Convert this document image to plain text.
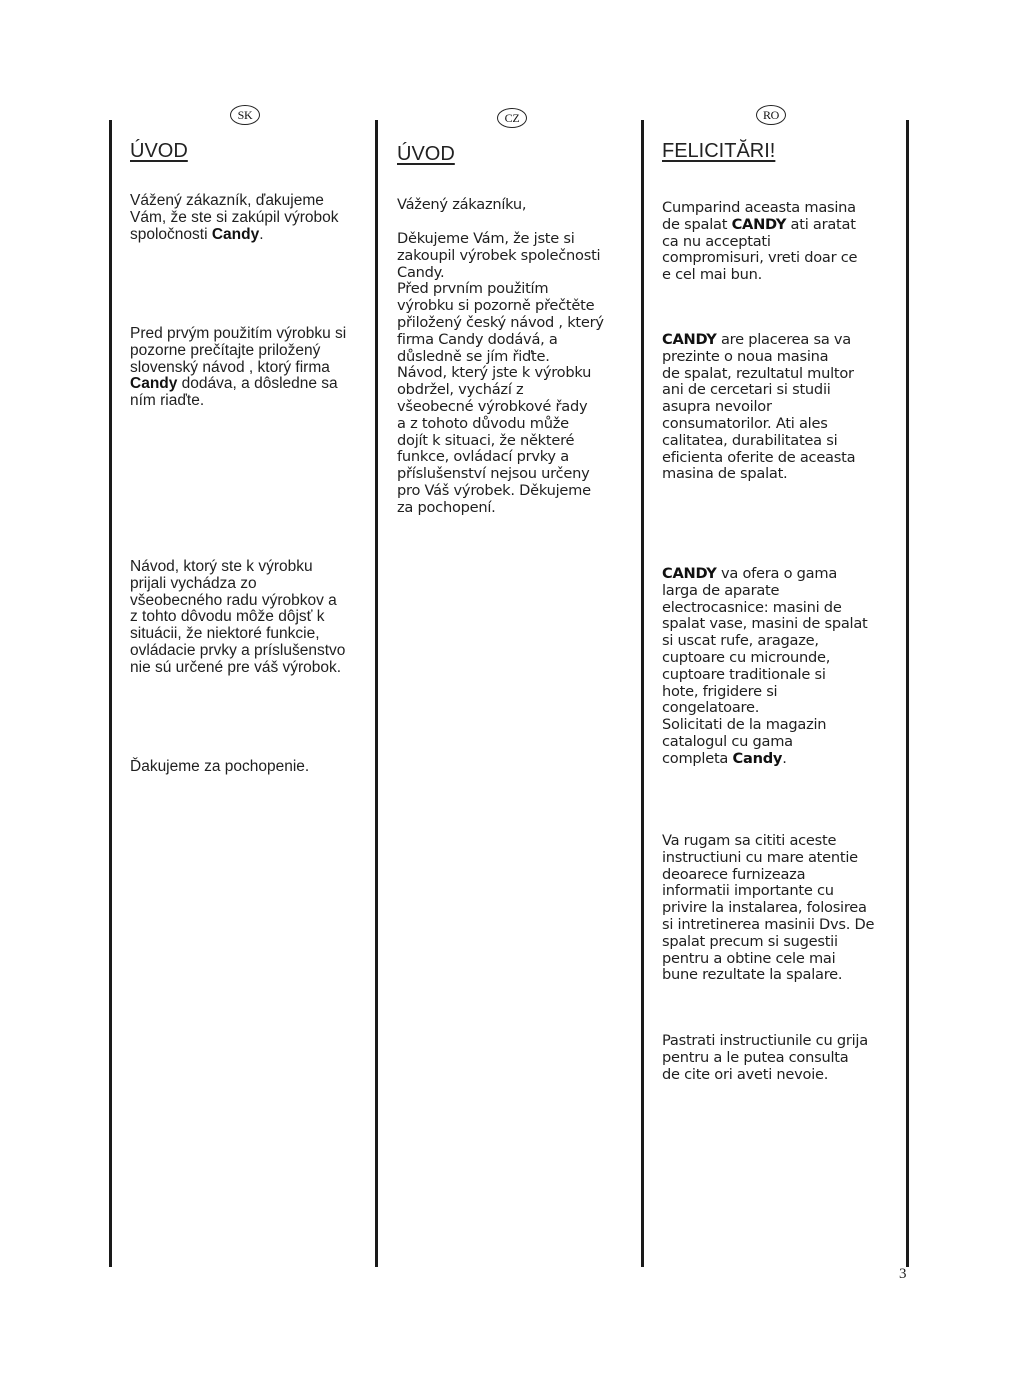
SK
ÚVOD

Vážený zákazník, ďakujeme
Vám, že ste si zakúpil výrobok
spoločnosti Candy.

Pred prvým použitím výrobku si
pozorne prečítajte priložený
slovenský návod , ktorý firma
Candy dodáva, a dôsledne sa
ním riaďte.

Návod, ktorý ste k výrobku
prijali vychádza zo
všeobecného radu výrobkov a
z tohto dôvodu môže dôjsť k
situácii, že niektoré funkcie,
ovládacie prvky a príslušenstvo
nie sú určené pre váš výrobok.

Ďakujeme za pochopenie.

CZ
ÚVOD

Vážený zákazníku,

Děkujeme Vám, že jste si
zakoupil výrobek společnosti
Candy.
Před prvním použitím
výrobku si pozorně přečtěte
přiložený český návod , který
firma Candy dodává, a
důsledně se jím řiďte.
Návod, který jste k výrobku
obdržel, vychází z
všeobecné výrobkové řady
a z tohoto důvodu může
dojít k situaci, že některé
funkce, ovládací prvky a
příslušenství nejsou určeny
pro Váš výrobek. Děkujeme
za pochopení.

RO
FELICITĂRI!

Cumparind aceasta masina
de spalat CANDY ati aratat
ca nu acceptati
compromisuri, vreti doar ce
e cel mai bun.

CANDY are placerea sa va
prezinte o noua masina
de spalat, rezultatul multor
ani de cercetari si studii
asupra nevoilor
consumatorilor. Ati ales
calitatea, durabilitatea si
eficienta oferite de aceasta
masina de spalat.

CANDY va ofera o gama
larga de aparate
electrocasnice: masini de
spalat vase, masini de spalat
si uscat rufe, aragaze,
cuptoare cu microunde,
cuptoare traditionale si
hote, frigidere si
congelatoare.
Solicitati de la magazin
catalogul cu gama
completa Candy.

Va rugam sa cititi aceste
instructiuni cu mare atentie
deoarece furnizeaza
informatii importante cu
privire la instalarea, folosirea
si intretinerea masinii Dvs. De
spalat precum si sugestii
pentru a obtine cele mai
bune rezultate la spalare.

Pastrati instructiunile cu grija
pentru a le putea consulta
de cite ori aveti nevoie.

3
